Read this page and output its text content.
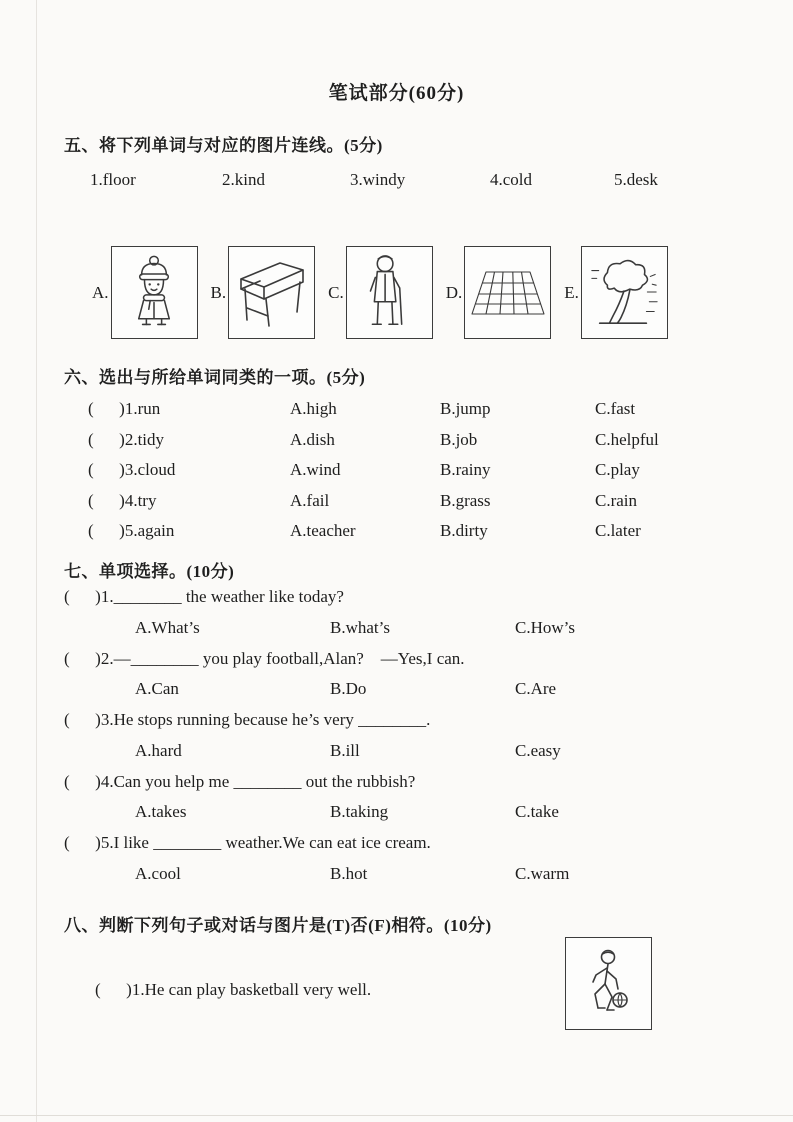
笔试部分(60分)
五、将下列单词与对应的图片连线。(5分)
1.floor	2.kind	3.windy	4.cold	5.desk
A.	B.	C.	D.	E.
六、选出与所给单词同类的一项。(5分)
(      )1.run	A.high	B.jump	C.fast
(      )2.tidy	A.dish	B.job	C.helpful
(      )3.cloud	A.wind	B.rainy	C.play
(      )4.try	A.fail	B.grass	C.rain
(      )5.again	A.teacher	B.dirty	C.later
七、单项选择。(10分)
(      )1.________ the weather like today?
A.What’s	B.what’s	C.How’s
(      )2.—________ you play football,Alan?    —Yes,I can.
A.Can	B.Do	C.Are
(      )3.He stops running because he’s very ________.
A.hard	B.ill	C.easy
(      )4.Can you help me ________ out the rubbish?
A.takes	B.taking	C.take
(      )5.I like ________ weather.We can eat ice cream.
A.cool	B.hot	C.warm
八、判断下列句子或对话与图片是(T)否(F)相符。(10分)
(      )1.He can play basketball very well.
